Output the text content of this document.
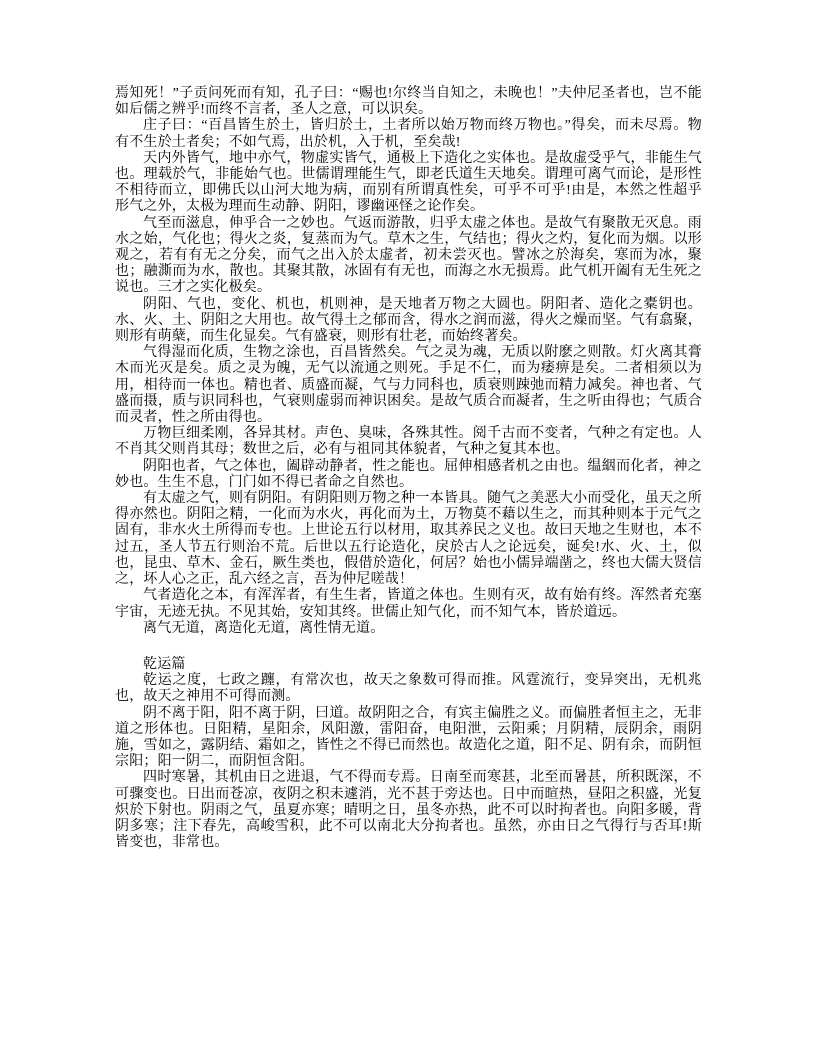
焉知死！”子贡问死而有知，孔子曰：“赐也!尔终当自知之，未晚也！”夫仲尼圣者也，岂不能如后儒之辨乎!而终不言者，圣人之意，可以识矣。

庄子曰：“百昌皆生於土，皆归於土，土者所以始万物而终万物也。”得矣，而未尽焉。物有不生於土者矣；不如气焉，出於机，入于机，至矣哉!

天内外皆气，地中亦气，物虚实皆气，通极上下造化之实体也。是故虚受乎气，非能生气也。理载於气，非能始气也。世儒谓理能生气，即老氏道生天地矣。谓理可离气而论，是形性不相待而立，即佛氏以山河大地为病，而别有所谓真性矣，可乎不可乎!由是，本然之性超乎形气之外，太极为理而生动静、阴阳，谬幽诬怪之论作矣。

气至而滋息，伸乎合一之妙也。气返而游散，归乎太虚之体也。是故气有聚散无灭息。雨水之始，气化也；得火之炎，复蒸而为气。草木之生，气结也；得火之灼，复化而为烟。以形观之，若有有无之分矣，而气之出入於太虚者，初未尝灭也。譬冰之於海矣，寒而为冰，聚也；融澌而为水，散也。其聚其散，冰固有有无也，而海之水无损焉。此气机开阖有无生死之说也。三才之实化极矣。

阴阳、气也，变化、机也，机则神，是天地者万物之大圆也。阴阳者、造化之橐钥也。水、火、土、阴阳之大用也。故气得土之郁而含，得水之润而滋，得火之燥而坚。气有翕聚，则形有萌蘖，而生化显矣。气有盛衰，则形有壮老，而始终著矣。

气得湿而化质，生物之涂也，百昌皆然矣。气之灵为魂，无质以附麽之则散。灯火离其膏木而光灭是矣。质之灵为魄，无气以流通之则死。手足不仁，而为痿痹是矣。二者相须以为用，相待而一体也。精也者、质盛而凝，气与力同科也，质衰则踈弛而精力减矣。神也者、气盛而摄，质与识同科也，气衰则虚弱而神识困矣。是故气质合而凝者，生之听由得也；气质合而灵者，性之所由得也。

万物巨细柔刚，各异其材。声色、臭味，各殊其性。阅千古而不变者，气种之有定也。人不肖其父则肖其母；数世之后，必有与祖同其体貌者，气种之复其本也。

阴阳也者，气之体也，阖辟动静者，性之能也。屈伸相感者机之由也。缊絪而化者，神之妙也。生生不息，门门如不得已者命之自然也。

有太虚之气，则有阴阳。有阴阳则万物之种一本皆具。随气之美恶大小而受化，虽天之所得亦然也。阴阳之精，一化而为水火，再化而为土，万物莫不藉以生之，而其种则本于元气之固有，非水火土所得而专也。上世论五行以材用，取其养民之义也。故曰天地之生财也，本不过五，圣人节五行则治不荒。后世以五行论造化，戾於古人之论远矣，诞矣!水、火、土，似也，昆虫、草木、金石，厥生类也，假借於造化，何居？始也小儒异端凿之，终也大儒大贤信之，坏人心之正，乱六经之言，吾为仲尼嗟哉！

气者造化之本，有浑浑者，有生生者，皆道之体也。生则有灭，故有始有终。浑然者充塞宇宙，无迹无执。不见其始，安知其终。世儒止知气化，而不知气本，皆於道远。

离气无道，离造化无道，离性情无道。

乾运篇

乾运之度，七政之躔，有常次也，故天之象数可得而推。风霆流行，变异突出，无机兆也，故天之神用不可得而测。

阴不离于阳，阳不离于阴，曰道。故阴阳之合，有宾主偏胜之义。而偏胜者恒主之，无非道之形体也。日阳精，星阳余，风阳激，雷阳奋，电阳泄，云阳乘；月阴精，辰阴余，雨阴施，雪如之，露阴结、霜如之，皆性之不得已而然也。故造化之道，阳不足、阴有余，而阴恒宗阳；阳一阴二，而阴恒含阳。

四时寒暑，其机由日之进退，气不得而专焉。日南至而寒甚，北至而暑甚，所积既深，不可骤变也。日出而苍凉，夜阴之积未遽消，光不甚于旁达也。日中而暄热，昼阳之积盛，光复炽於下射也。阴雨之气，虽夏亦寒；晴明之日，虽冬亦热，此不可以时拘者也。向阳多暖，背阴多寒；注下春先，高峻雪积，此不可以南北大分拘者也。虽然，亦由日之气得行与否耳!斯皆变也，非常也。
